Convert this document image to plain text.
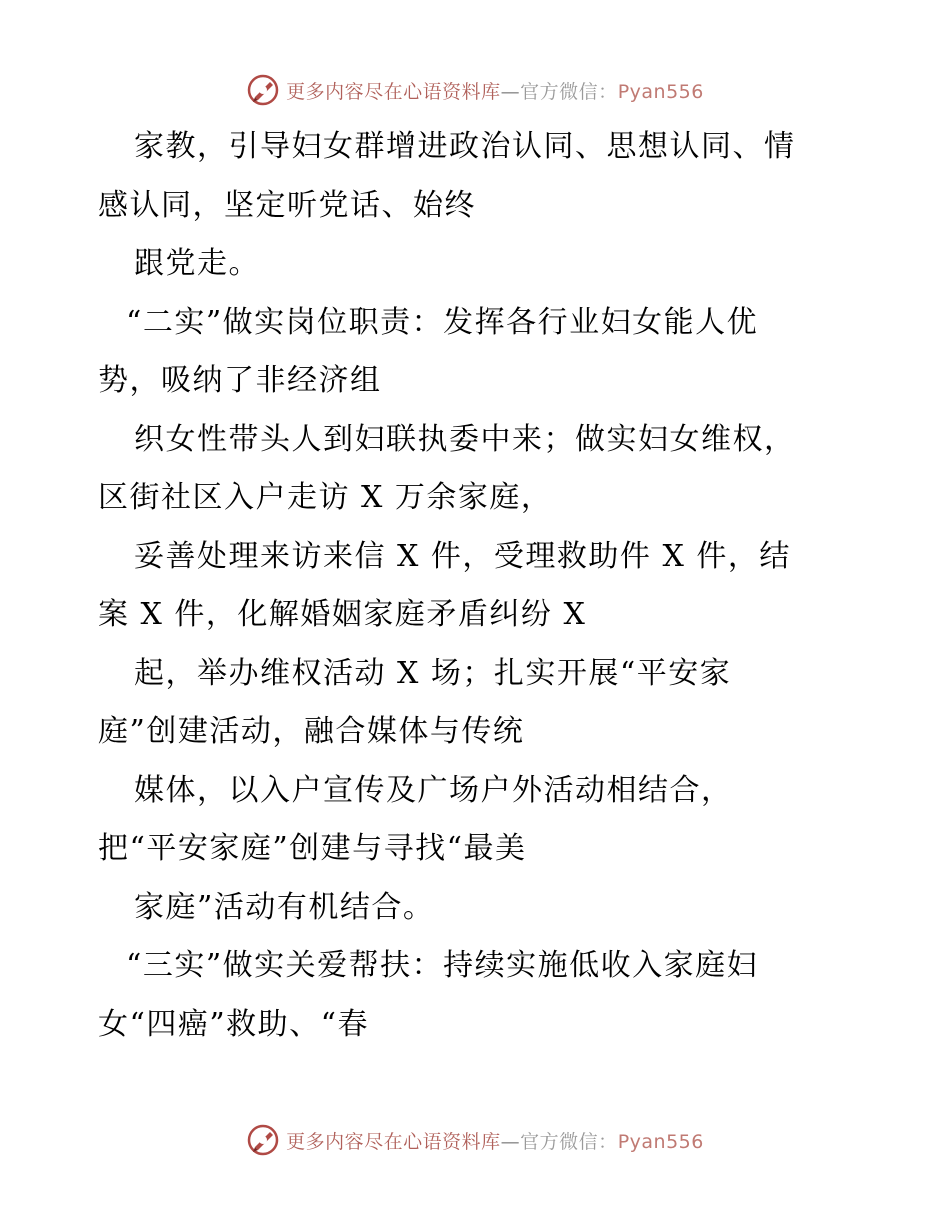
更多内容尽在心语资料库—官方微信：Pyan556
家教，引导妇女群增进政治认同、思想认同、情
感认同，坚定听党话、始终
跟党走。
“二实”做实岗位职责：发挥各行业妇女能人优
势，吸纳了非经济组
织女性带头人到妇联执委中来；做实妇女维权，
区街社区入户走访 X 万余家庭，
妥善处理来访来信 X 件，受理救助件 X 件，结
案 X 件，化解婚姻家庭矛盾纠纷 X
起，举办维权活动 X 场；扎实开展“平安家
庭”创建活动，融合媒体与传统
媒体，以入户宣传及广场户外活动相结合，
把“平安家庭”创建与寻找“最美
家庭”活动有机结合。
“三实”做实关爱帮扶：持续实施低收入家庭妇
女“四癌”救助、“春
更多内容尽在心语资料库—官方微信：Pyan556
